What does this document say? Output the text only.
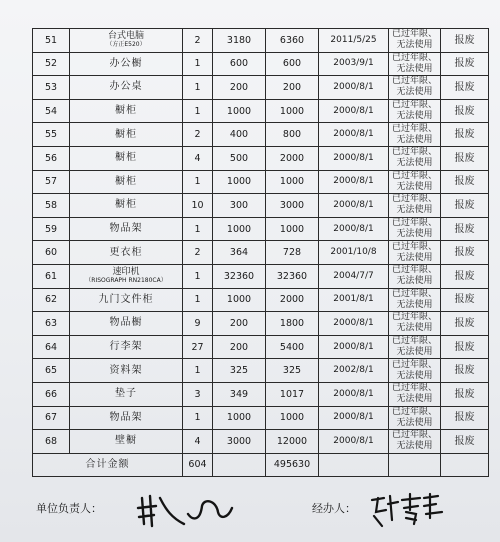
51	台式电脑
（方正E520）	2	3180	6360	2011/5/25	已过年限、
无法使用	报废
52	办公橱	1	600	600	2003/9/1	已过年限、
无法使用	报废
53	办公桌	1	200	200	2000/8/1	已过年限、
无法使用	报废
54	橱柜	1	1000	1000	2000/8/1	已过年限、
无法使用	报废
55	橱柜	2	400	800	2000/8/1	已过年限、
无法使用	报废
56	橱柜	4	500	2000	2000/8/1	已过年限、
无法使用	报废
57	橱柜	1	1000	1000	2000/8/1	已过年限、
无法使用	报废
58	橱柜	10	300	3000	2000/8/1	已过年限、
无法使用	报废
59	物品架	1	1000	1000	2000/8/1	已过年限、
无法使用	报废
60	更衣柜	2	364	728	2001/10/8	已过年限、
无法使用	报废
61	速印机
（RISOGRAPH RN2180CA）	1	32360	32360	2004/7/7	已过年限、
无法使用	报废
62	九门文件柜	1	1000	2000	2001/8/1	已过年限、
无法使用	报废
63	物品橱	9	200	1800	2000/8/1	已过年限、
无法使用	报废
64	行李架	27	200	5400	2000/8/1	已过年限、
无法使用	报废
65	资料架	1	325	325	2002/8/1	已过年限、
无法使用	报废
66	垫子	3	349	1017	2000/8/1	已过年限、
无法使用	报废
67	物品架	1	1000	1000	2000/8/1	已过年限、
无法使用	报废
68	壁橱	4	3000	12000	2000/8/1	已过年限、
无法使用	报废
合计金额		604		495630			
单位负责人：	经办人：
